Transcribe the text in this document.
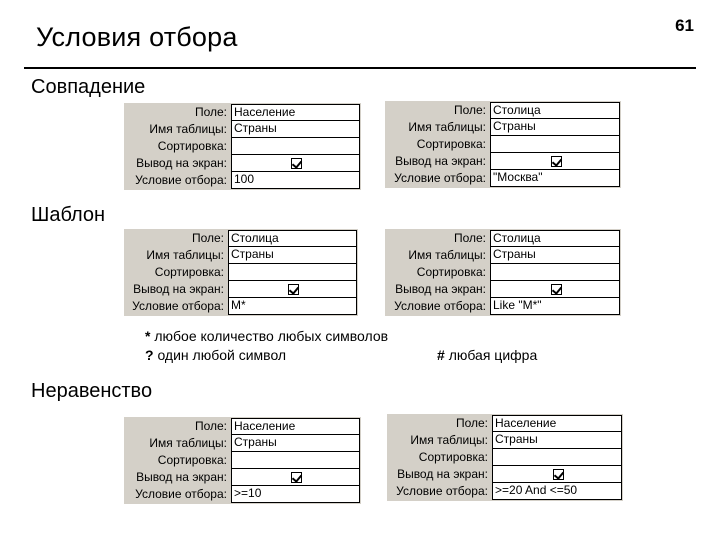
Условия отбора	61
Совпадение
Поле: Население
Имя таблицы: Страны
Сортировка:
Вывод на экран:
Условие отбора: 100
Поле: Столица
Имя таблицы: Страны
Сортировка:
Вывод на экран:
Условие отбора: "Москва"
Шаблон
Поле: Столица
Имя таблицы: Страны
Сортировка:
Вывод на экран:
Условие отбора: М*
Поле: Столица
Имя таблицы: Страны
Сортировка:
Вывод на экран:
Условие отбора: Like "М*"
* любое количество любых символов
? один любой символ	# любая цифра
Неравенство
Поле: Население
Имя таблицы: Страны
Сортировка:
Вывод на экран:
Условие отбора: >=10
Поле: Население
Имя таблицы: Страны
Сортировка:
Вывод на экран:
Условие отбора: >=20 And <=50
